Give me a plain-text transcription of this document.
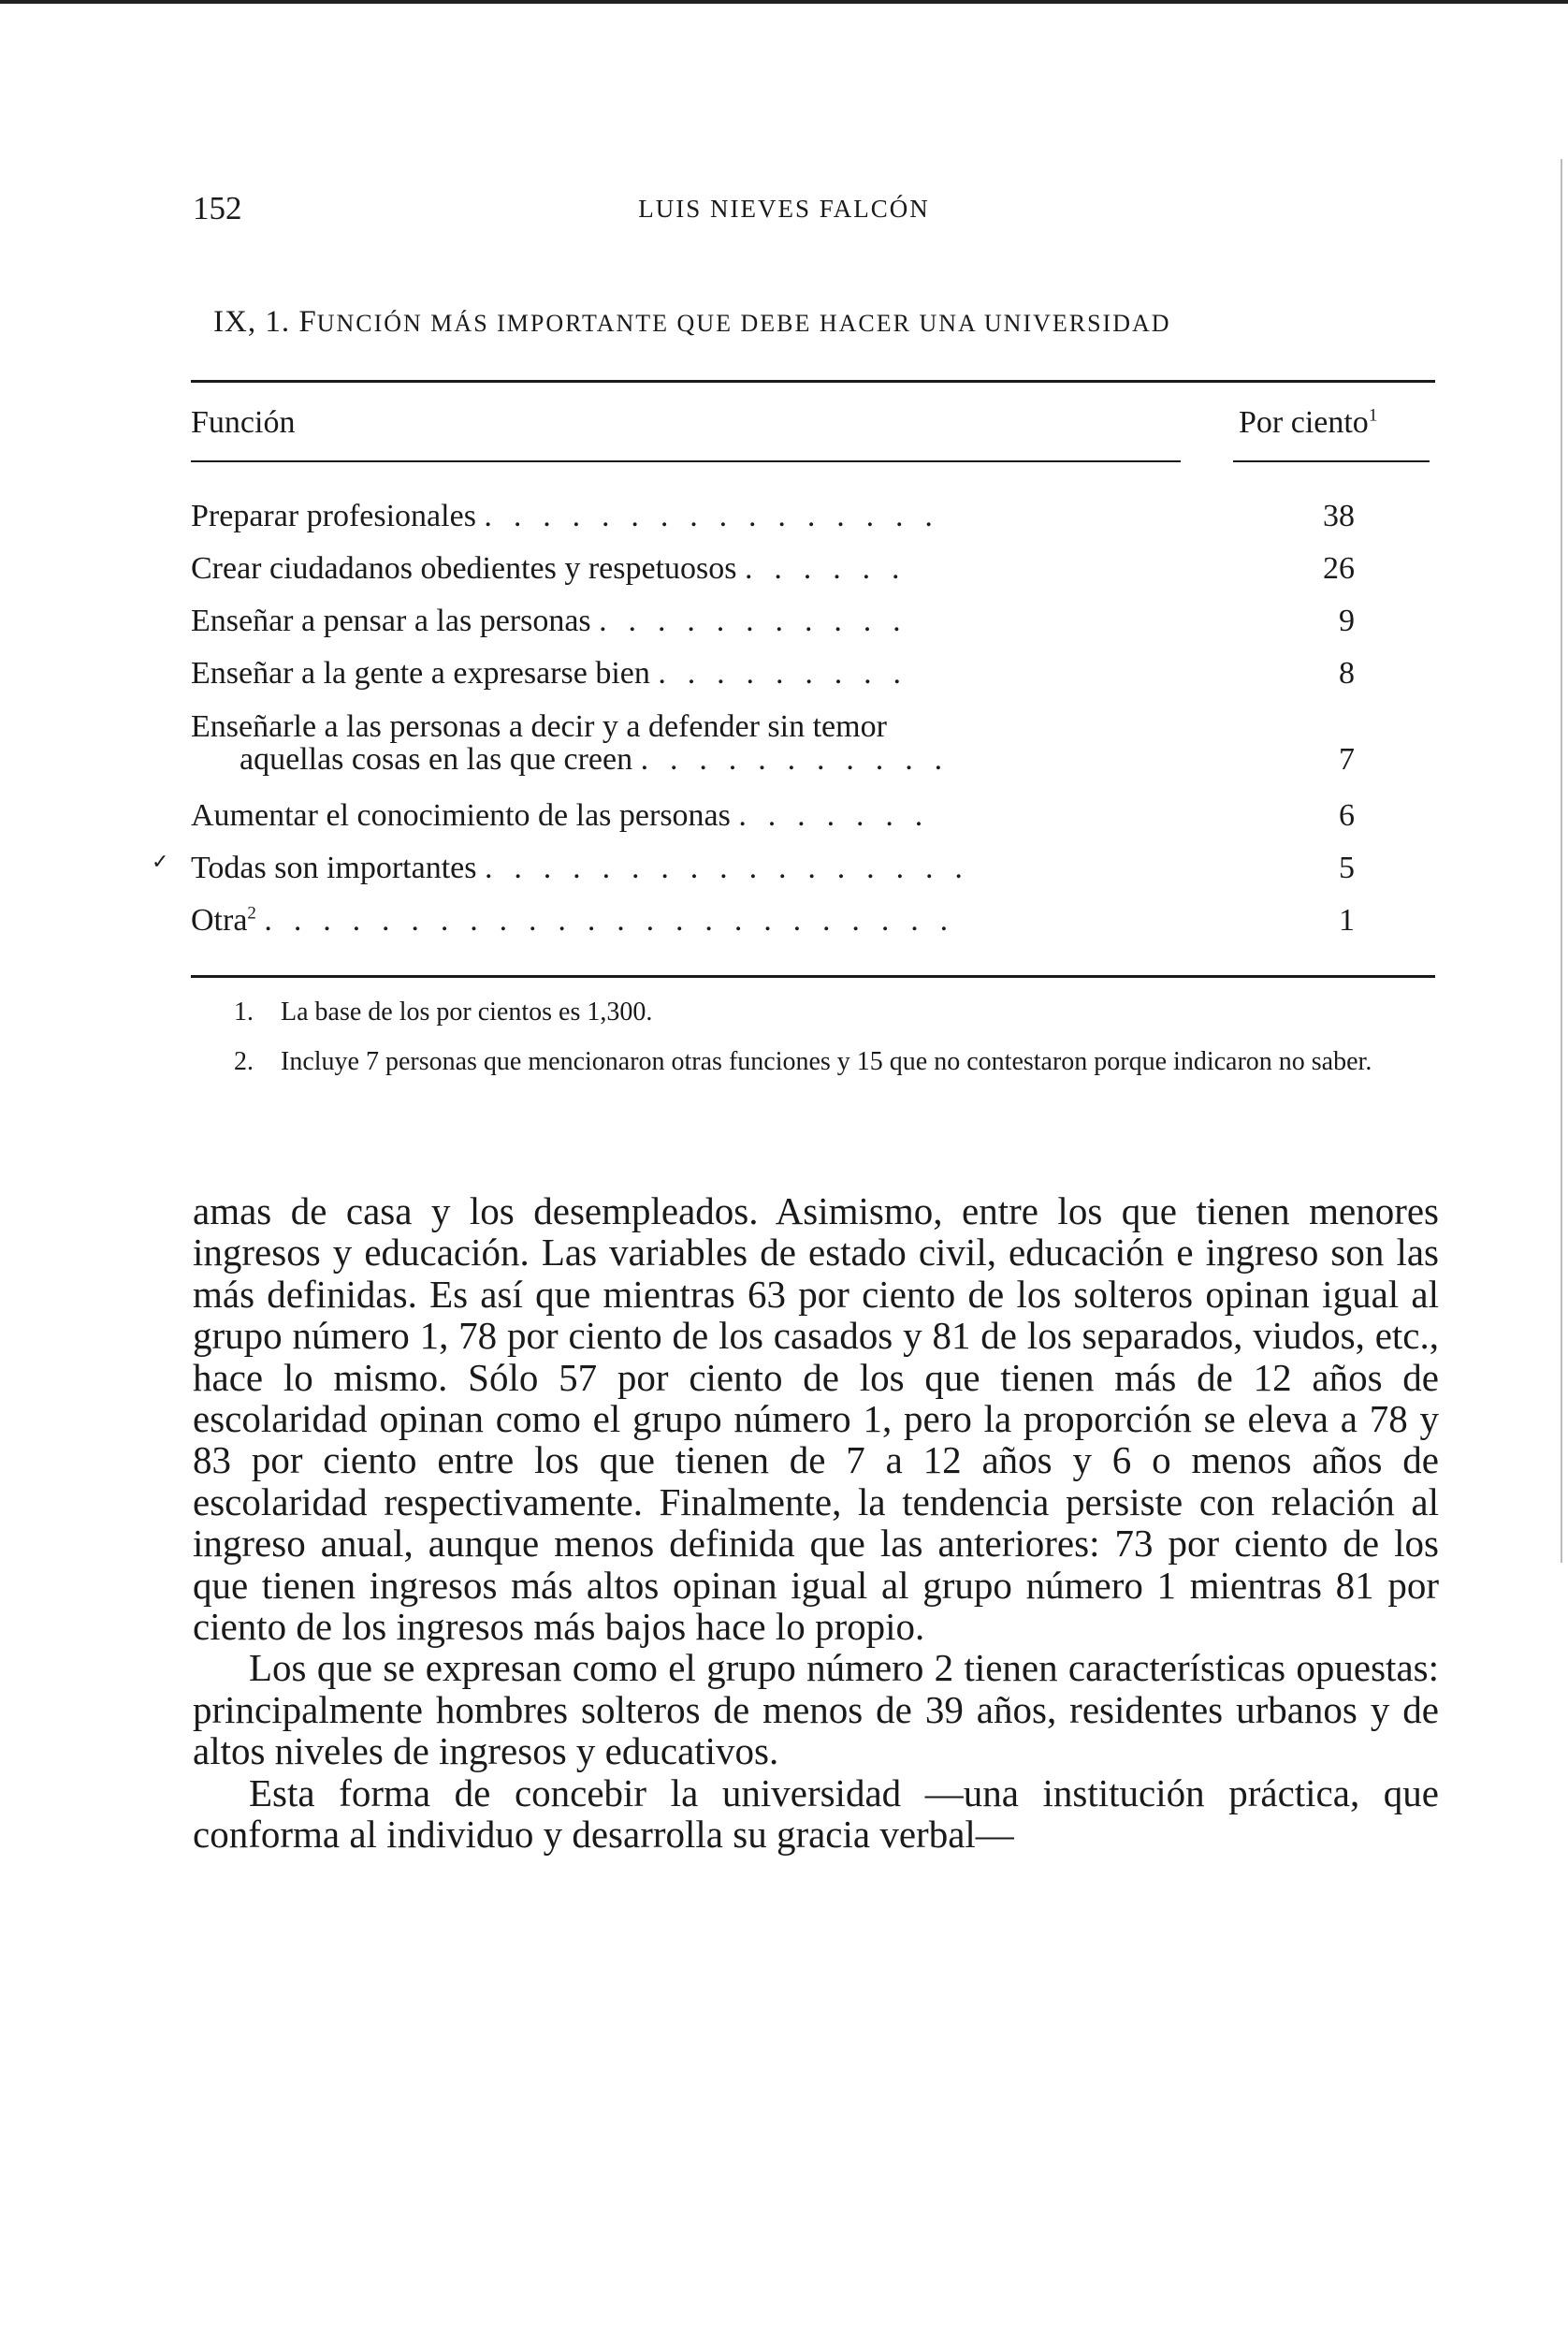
152	LUIS NIEVES FALCÓN
IX, 1. FUNCIÓN MÁS IMPORTANTE QUE DEBE HACER UNA UNIVERSIDAD
Función	Por ciento$^1$
Preparar profesionales . . . . . . . . . . . . . . . .	38
Crear ciudadanos obedientes y respetuosos . . . . . .	26
Enseñar a pensar a las personas . . . . . . . . . . .	9
Enseñar a la gente a expresarse bien . . . . . . . . .	8
Enseñarle a las personas a decir y a defender sin temor
aquellas cosas en las que creen . . . . . . . . . . .	7
Aumentar el conocimiento de las personas . . . . . . .	6
Todas son importantes . . . . . . . . . . . . . . . . .	5
Otra$^2$ . . . . . . . . . . . . . . . . . . . . . . . .	1
1. La base de los por cientos es 1,300.
2. Incluye 7 personas que mencionaron otras funciones y 15 que no contestaron porque indicaron no saber.
✓

amas de casa y los desempleados. Asimismo, entre los que tienen menores ingresos y educación. Las variables de estado civil, educación e ingreso son las más definidas. Es así que mientras 63 por ciento de los solteros opinan igual al grupo número 1, 78 por ciento de los casados y 81 de los separados, viudos, etc., hace lo mismo. Sólo 57 por ciento de los que tienen más de 12 años de escolaridad opinan como el grupo número 1, pero la proporción se eleva a 78 y 83 por ciento entre los que tienen de 7 a 12 años y 6 o menos años de escolaridad respectivamente. Finalmente, la tendencia persiste con relación al ingreso anual, aunque menos definida que las anteriores: 73 por ciento de los que tienen ingresos más altos opinan igual al grupo número 1 mientras 81 por ciento de los ingresos más bajos hace lo propio.

Los que se expresan como el grupo número 2 tienen características opuestas: principalmente hombres solteros de menos de 39 años, residentes urbanos y de altos niveles de ingresos y educativos.

Esta forma de concebir la universidad —una institución práctica, que conforma al individuo y desarrolla su gracia verbal—
